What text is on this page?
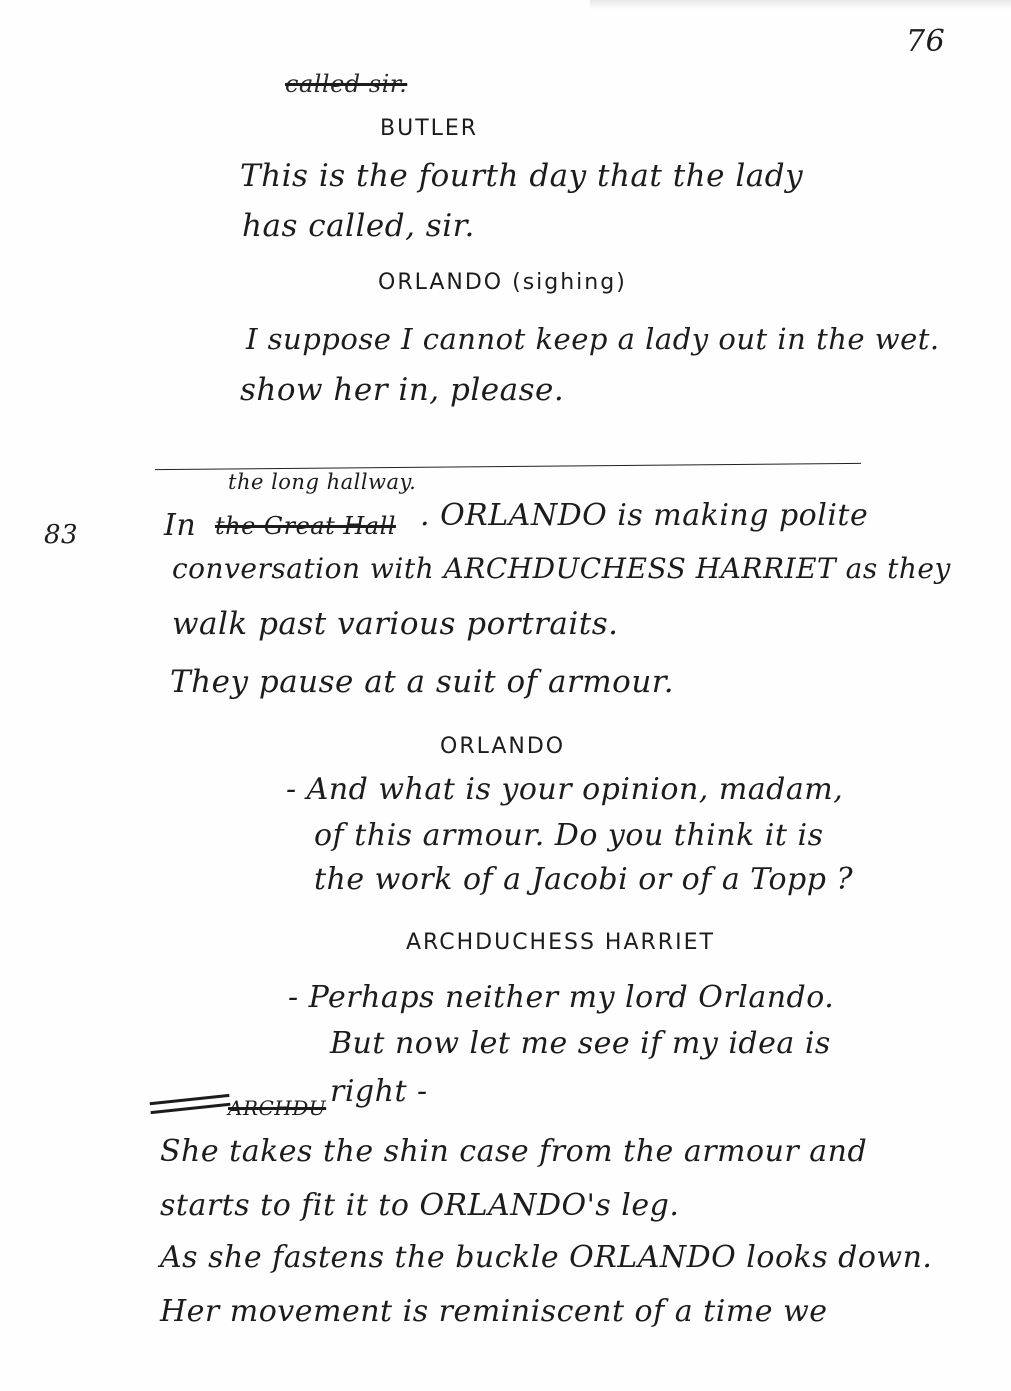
76
called sir.
BUTLER
This is the fourth day that the lady
has called, sir.
ORLANDO (sighing)
I suppose I cannot keep a lady out in the wet.
show her in, please.
83
the long hallway.
In the Great Hall . ORLANDO is making polite
conversation with ARCHDUCHESS HARRIET as they
walk past various portraits.
They pause at a suit of armour.
ORLANDO
- And what is your opinion, madam,
of this armour. Do you think it is
the work of a Jacobi or of a Topp ?
ARCHDUCHESS HARRIET
- Perhaps neither my lord Orlando.
But now let me see if my idea is
right -
ARCHDU
She takes the shin case from the armour and
starts to fit it to ORLANDO's leg.
As she fastens the buckle ORLANDO looks down.
Her movement is reminiscent of a time we
